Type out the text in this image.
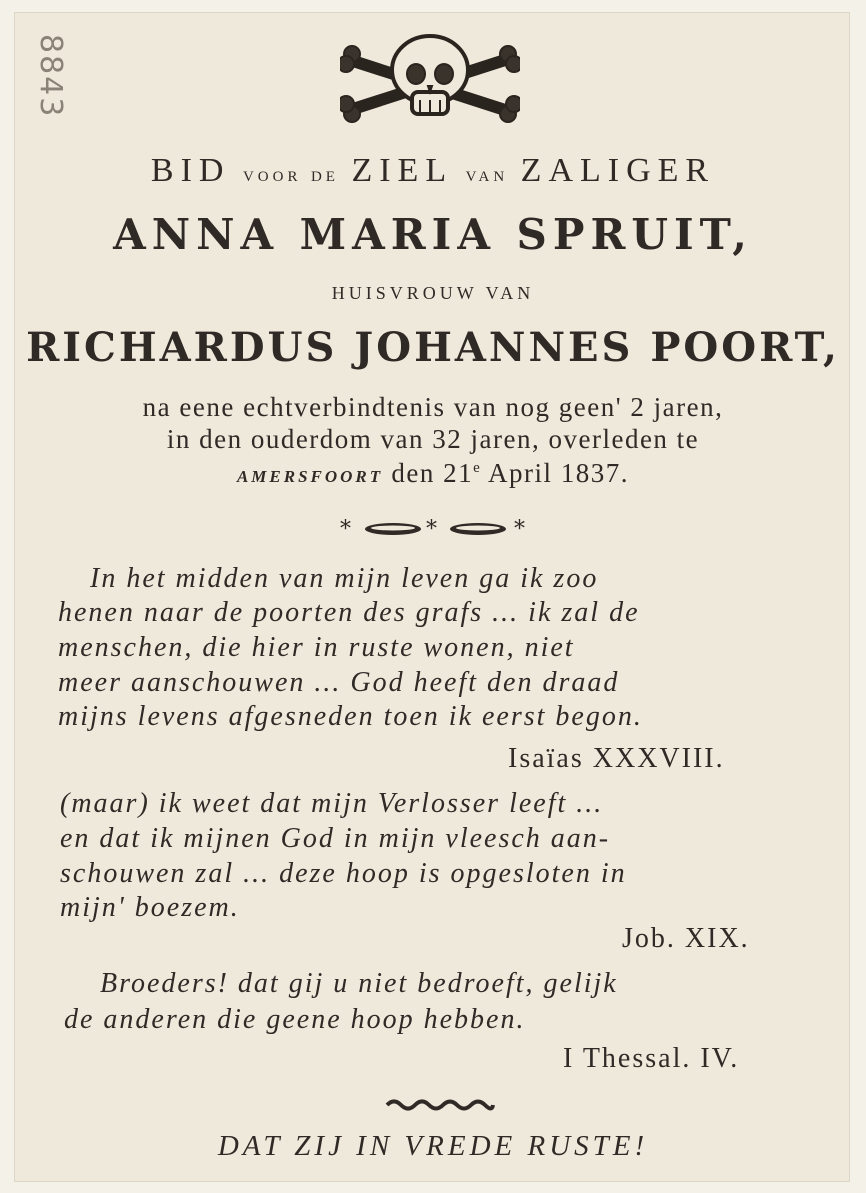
8843
BID voor de ZIEL van ZALIGER
ANNA MARIA SPRUIT,
HUISVROUW VAN
RICHARDUS JOHANNES POORT,
na eene echtverbindtenis van nog geen' 2 jaren,
in den ouderdom van 32 jaren, overleden te
AMERSFOORT den 21e April 1837.
*	*	*
In het midden van mijn leven ga ik zoo
henen naar de poorten des grafs ... ik zal de
menschen, die hier in ruste wonen, niet
meer aanschouwen ... God heeft den draad
mijns levens afgesneden toen ik eerst begon.
Isaïas XXXVIII.
(maar) ik weet dat mijn Verlosser leeft ...
en dat ik mijnen God in mijn vleesch aan-
schouwen zal ... deze hoop is opgesloten in
mijn' boezem.
Job. XIX.
Broeders! dat gij u niet bedroeft, gelijk
de anderen die geene hoop hebben.
I Thessal. IV.
DAT ZIJ IN VREDE RUSTE!
